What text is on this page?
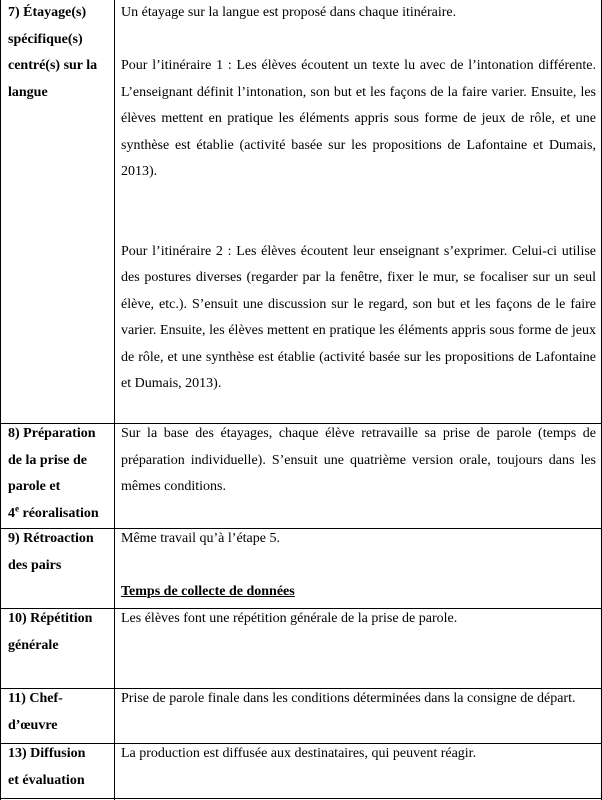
7) Étayage(s)
spécifique(s)
centré(s) sur la
langue

Un étayage sur la langue est proposé dans chaque itinéraire.

Pour l’itinéraire 1 : Les élèves écoutent un texte lu avec de l’intonation différente. L’enseignant définit l’intonation, son but et les façons de la faire varier. Ensuite, les élèves mettent en pratique les éléments appris sous forme de jeux de rôle, et une synthèse est établie (activité basée sur les propositions de Lafontaine et Dumais, 2013).

Pour l’itinéraire 2 : Les élèves écoutent leur enseignant s’exprimer. Celui-ci utilise des postures diverses (regarder par la fenêtre, fixer le mur, se focaliser sur un seul élève, etc.). S’ensuit une discussion sur le regard, son but et les façons de le faire varier. Ensuite, les élèves mettent en pratique les éléments appris sous forme de jeux de rôle, et une synthèse est établie (activité basée sur les propositions de Lafontaine et Dumais, 2013).

8) Préparation
de la prise de
parole et
4e réoralisation

Sur la base des étayages, chaque élève retravaille sa prise de parole (temps de préparation individuelle). S’ensuit une quatrième version orale, toujours dans les mêmes conditions.

9) Rétroaction
des pairs

Même travail qu’à l’étape 5.

Temps de collecte de données

10) Répétition
générale

Les élèves font une répétition générale de la prise de parole.

11) Chef-
d’œuvre

Prise de parole finale dans les conditions déterminées dans la consigne de départ.

13) Diffusion
et évaluation

La production est diffusée aux destinataires, qui peuvent réagir.
